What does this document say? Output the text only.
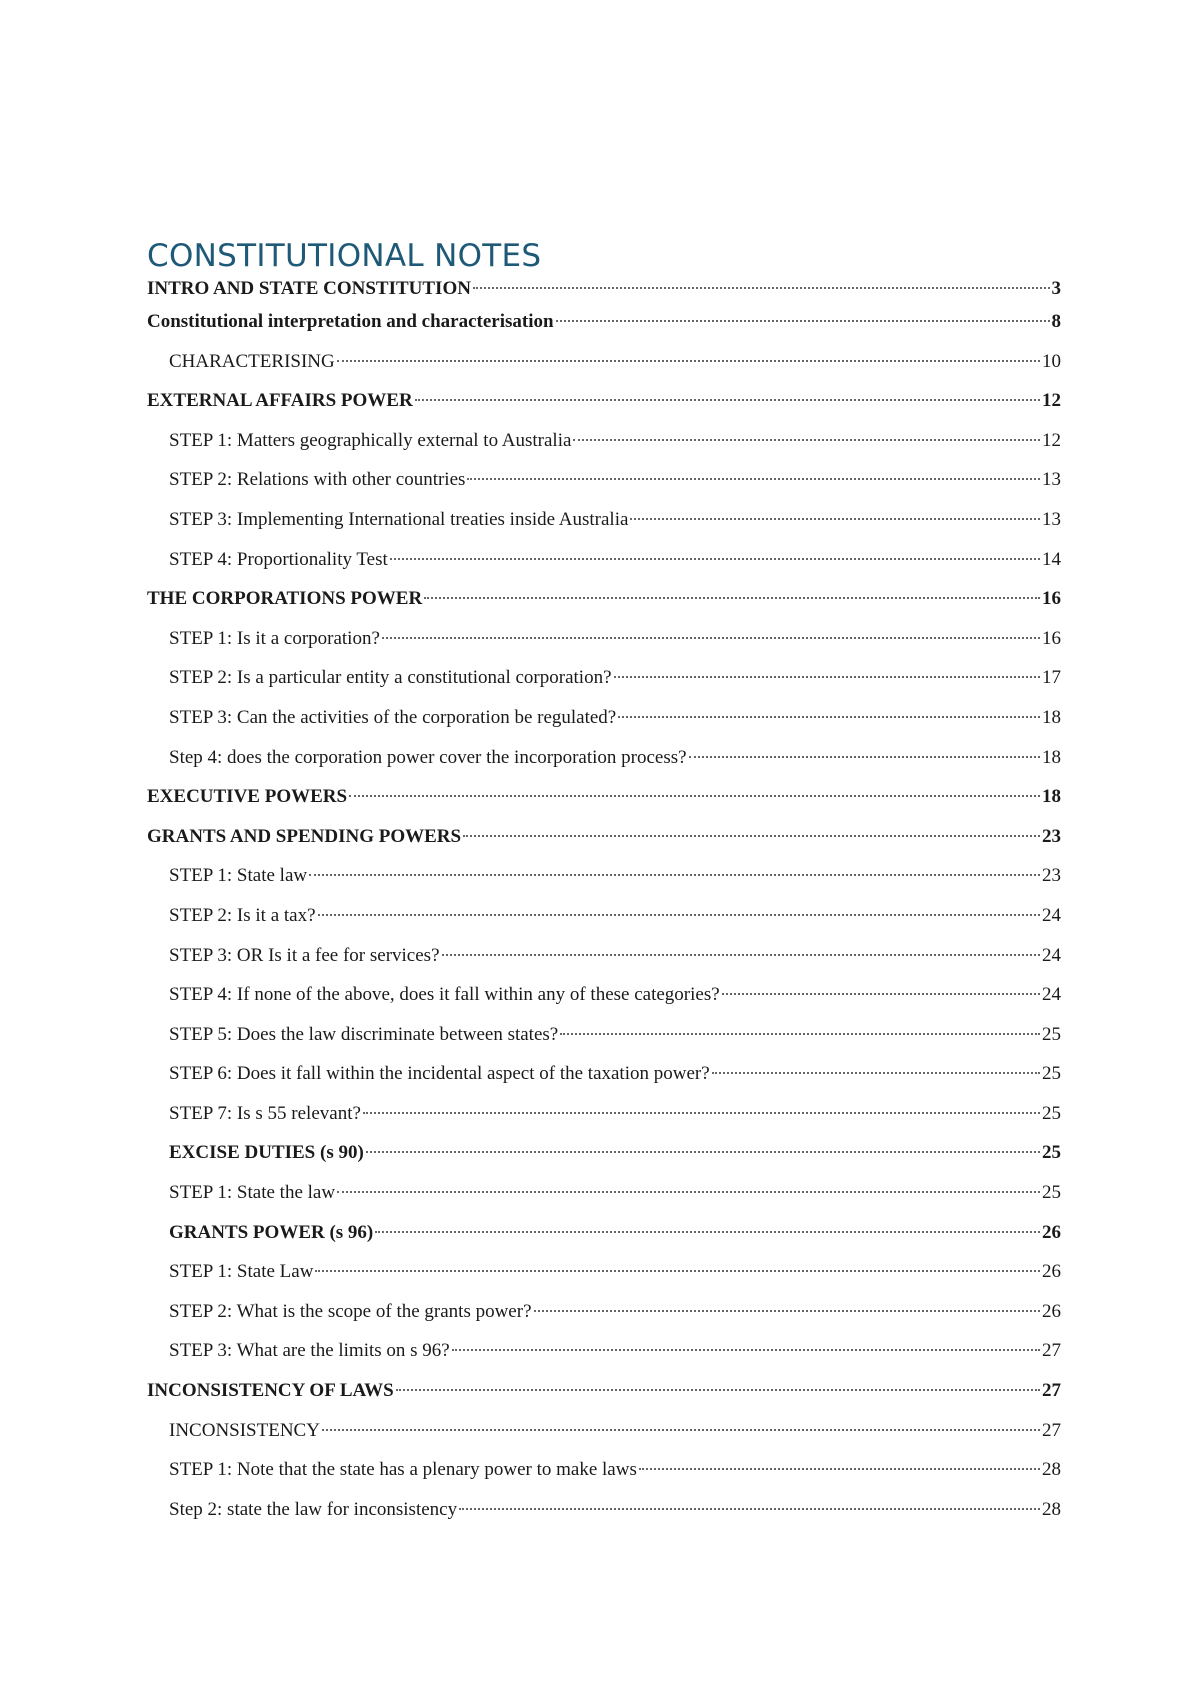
CONSTITUTIONAL NOTES
INTRO AND STATE CONSTITUTION	3
Constitutional interpretation and characterisation	8
CHARACTERISING	10
EXTERNAL AFFAIRS POWER	12
STEP 1: Matters geographically external to Australia	12
STEP 2: Relations with other countries	13
STEP 3: Implementing International treaties inside Australia	13
STEP 4: Proportionality Test	14
THE CORPORATIONS POWER	16
STEP 1: Is it a corporation?	16
STEP 2: Is a particular entity a constitutional corporation?	17
STEP 3: Can the activities of the corporation be regulated?	18
Step 4: does the corporation power cover the incorporation process?	18
EXECUTIVE POWERS	18
GRANTS AND SPENDING POWERS	23
STEP 1: State law	23
STEP 2: Is it a tax?	24
STEP 3: OR Is it a fee for services?	24
STEP 4: If none of the above, does it fall within any of these categories?	24
STEP 5: Does the law discriminate between states?	25
STEP 6: Does it fall within the incidental aspect of the taxation power?	25
STEP 7: Is s 55 relevant?	25
EXCISE DUTIES (s 90)	25
STEP 1: State the law	25
GRANTS POWER (s 96)	26
STEP 1: State Law	26
STEP 2: What is the scope of the grants power?	26
STEP 3: What are the limits on s 96?	27
INCONSISTENCY OF LAWS	27
INCONSISTENCY	27
STEP 1: Note that the state has a plenary power to make laws	28
Step 2: state the law for inconsistency	28
